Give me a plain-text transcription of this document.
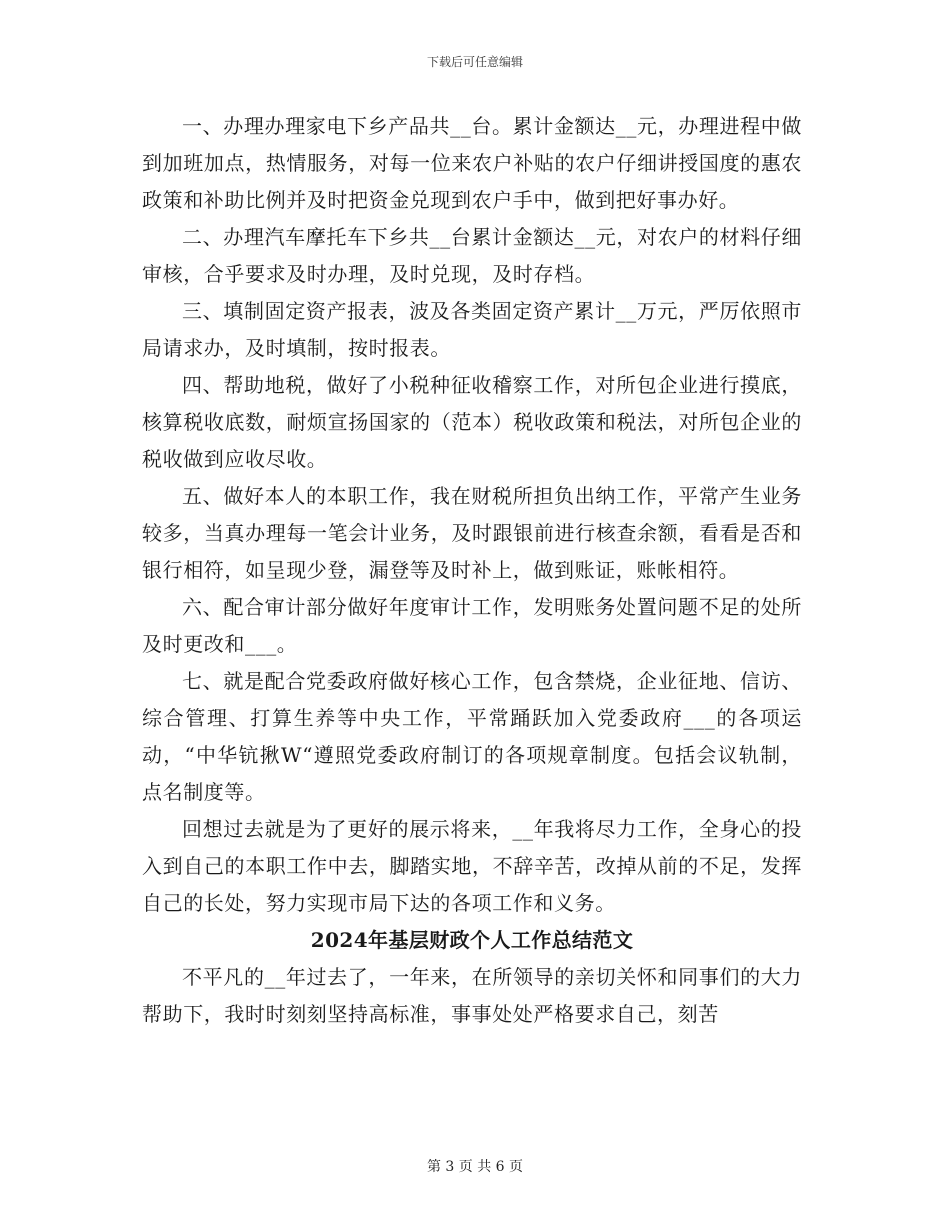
下载后可任意编辑

一、办理办理家电下乡产品共__台。累计金额达__元，办理进程中做到加班加点，热情服务，对每一位来农户补贴的农户仔细讲授国度的惠农政策和补助比例并及时把资金兑现到农户手中，做到把好事办好。

二、办理汽车摩托车下乡共__台累计金额达__元，对农户的材料仔细审核，合乎要求及时办理，及时兑现，及时存档。

三、填制固定资产报表，波及各类固定资产累计__万元，严厉依照市局请求办，及时填制，按时报表。

四、帮助地税，做好了小税种征收稽察工作，对所包企业进行摸底，核算税收底数，耐烦宣扬国家的（范本）税收政策和税法，对所包企业的税收做到应收尽收。

五、做好本人的本职工作，我在财税所担负出纳工作，平常产生业务较多，当真办理每一笔会计业务，及时跟银前进行核查余额，看看是否和银行相符，如呈现少登，漏登等及时补上，做到账证，账帐相符。

六、配合审计部分做好年度审计工作，发明账务处置问题不足的处所及时更改和___。

七、就是配合党委政府做好核心工作，包含禁烧，企业征地、信访、综合管理、打算生养等中央工作，平常踊跃加入党委政府___的各项运动，“中华钪揪W“遵照党委政府制订的各项规章制度。包括会议轨制，点名制度等。

回想过去就是为了更好的展示将来，__年我将尽力工作，全身心的投入到自己的本职工作中去，脚踏实地，不辞辛苦，改掉从前的不足，发挥自己的长处，努力实现市局下达的各项工作和义务。

2024年基层财政个人工作总结范文

不平凡的__年过去了，一年来，在所领导的亲切关怀和同事们的大力帮助下，我时时刻刻坚持高标准，事事处处严格要求自己，刻苦

第 3 页 共 6 页
